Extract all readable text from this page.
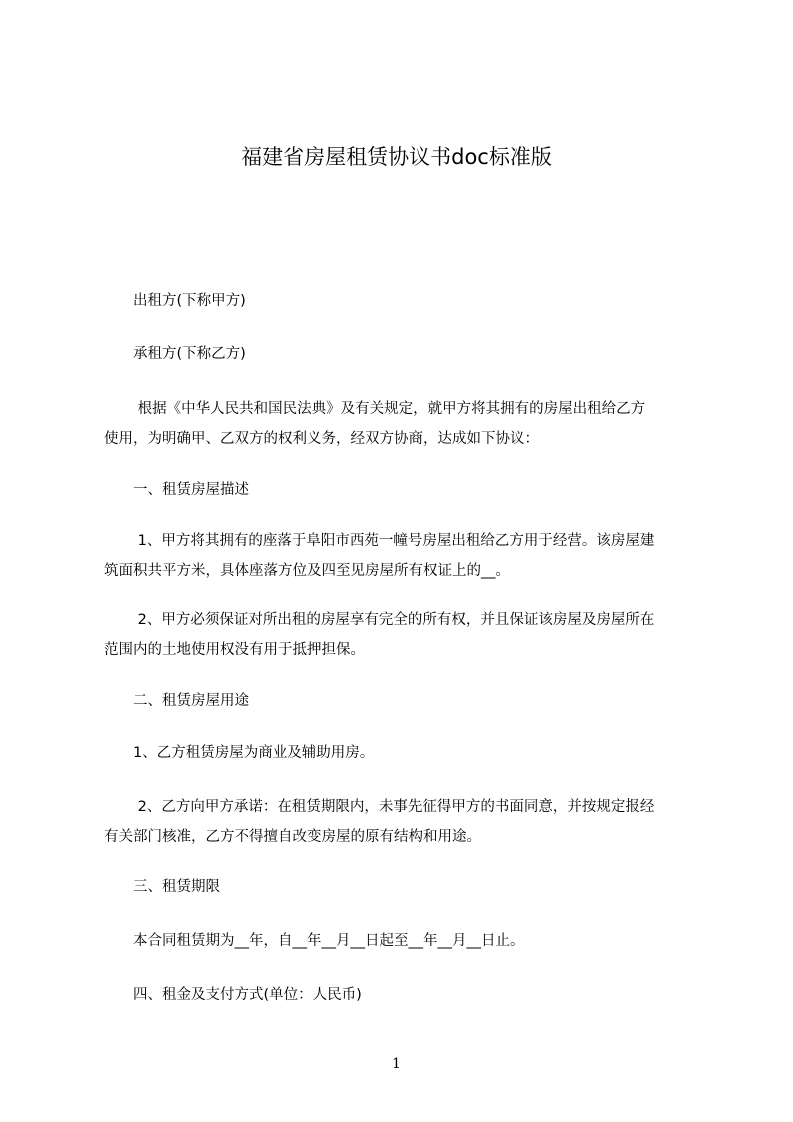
福建省房屋租赁协议书doc标准版
　　出租方(下称甲方)
　　承租方(下称乙方)
　　 根据《中华人民共和国民法典》及有关规定，就甲方将其拥有的房屋出租给乙方
使用，为明确甲、乙双方的权利义务，经双方协商，达成如下协议：
　　一、租赁房屋描述
　　 1、甲方将其拥有的座落于阜阳市西苑一幢号房屋出租给乙方用于经营。该房屋建
筑面积共平方米，具体座落方位及四至见房屋所有权证上的__。
　　 2、甲方必须保证对所出租的房屋享有完全的所有权，并且保证该房屋及房屋所在
范围内的土地使用权没有用于抵押担保。
　　二、租赁房屋用途
　　1、乙方租赁房屋为商业及辅助用房。
　　 2、乙方向甲方承诺：在租赁期限内，未事先征得甲方的书面同意，并按规定报经
有关部门核准，乙方不得擅自改变房屋的原有结构和用途。
　　三、租赁期限
　　本合同租赁期为__年，自__年__月__日起至__年__月__日止。
　　四、租金及支付方式(单位：人民币)
1
